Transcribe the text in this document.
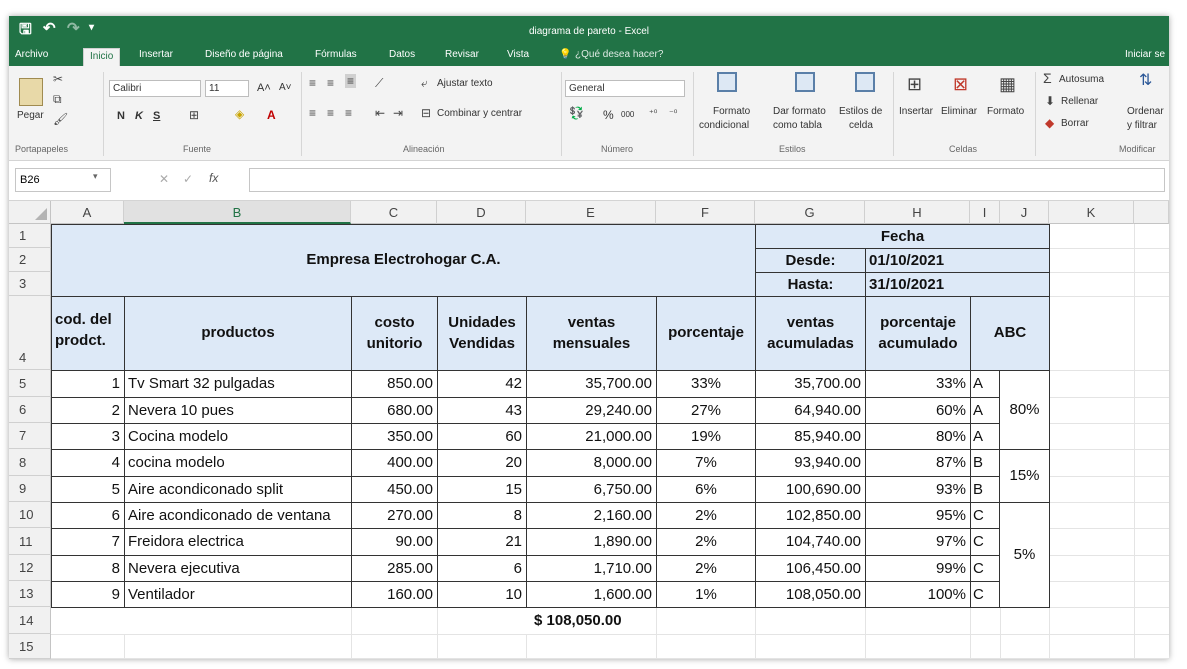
🖫 ↶ ↷ ▾	diagrama de pareto - Excel
Archivo	Inicio	Insertar	Diseño de página	Fórmulas	Datos	Revisar	Vista	💡 ¿Qué desea hacer?	Iniciar se
Pegar
✂
⧉
🖌
Portapapeles
Calibri	11	A˄ A˅
N K S ⊞	◈ A
Fuente
≡ ≡ ≡ ⟋
≡ ≡ ≡ ⇤ ⇥
⤶ Ajustar texto
⊟ Combinar y centrar
Alineación
General
💱 % 000 ⁺⁰ ⁻⁰
Número
Formato
condicional
Dar formato
como tabla
Estilos de
celda
Estilos
⊞
Insertar
⊠
Eliminar
▦
Formato
Celdas
Σ Autosuma
⬇ Rellenar
◆ Borrar
⇅
Ordenar
y filtrar
Modificar
B26	▾	✕ ✓ fx
A	B	C	D	E	F	G	H	I	J	K
1
2
3
4
5
6
7
8
9
10
11
12
13
14
15
Empresa Electrohogar C.A.
Fecha
Desde:	01/10/2021
Hasta:	31/10/2021
cod. del
prodct.	productos
costo
unitorio
Unidades
Vendidas
ventas
mensuales
porcentaje
ventas
acumuladas
porcentaje
acumulado
ABC
1 Tv Smart 32 pulgadas	850.00	42	35,700.00	33%	35,700.00	33% A
2 Nevera 10 pues	680.00	43	29,240.00	27%	64,940.00	60% A
3 Cocina modelo	350.00	60	21,000.00	19%	85,940.00	80% A
4 cocina modelo	400.00	20	8,000.00	7%	93,940.00	87% B
5 Aire acondiconado split	450.00	15	6,750.00	6%	100,690.00	93% B
6 Aire acondiconado de ventana	270.00	8	2,160.00	2%	102,850.00	95% C
7 Freidora electrica	90.00	21	1,890.00	2%	104,740.00	97% C
8 Nevera ejecutiva	285.00	6	1,710.00	2%	106,450.00	99% C
9 Ventilador	160.00	10	1,600.00	1%	108,050.00	100% C
80%
15%
5%
$ 108,050.00
